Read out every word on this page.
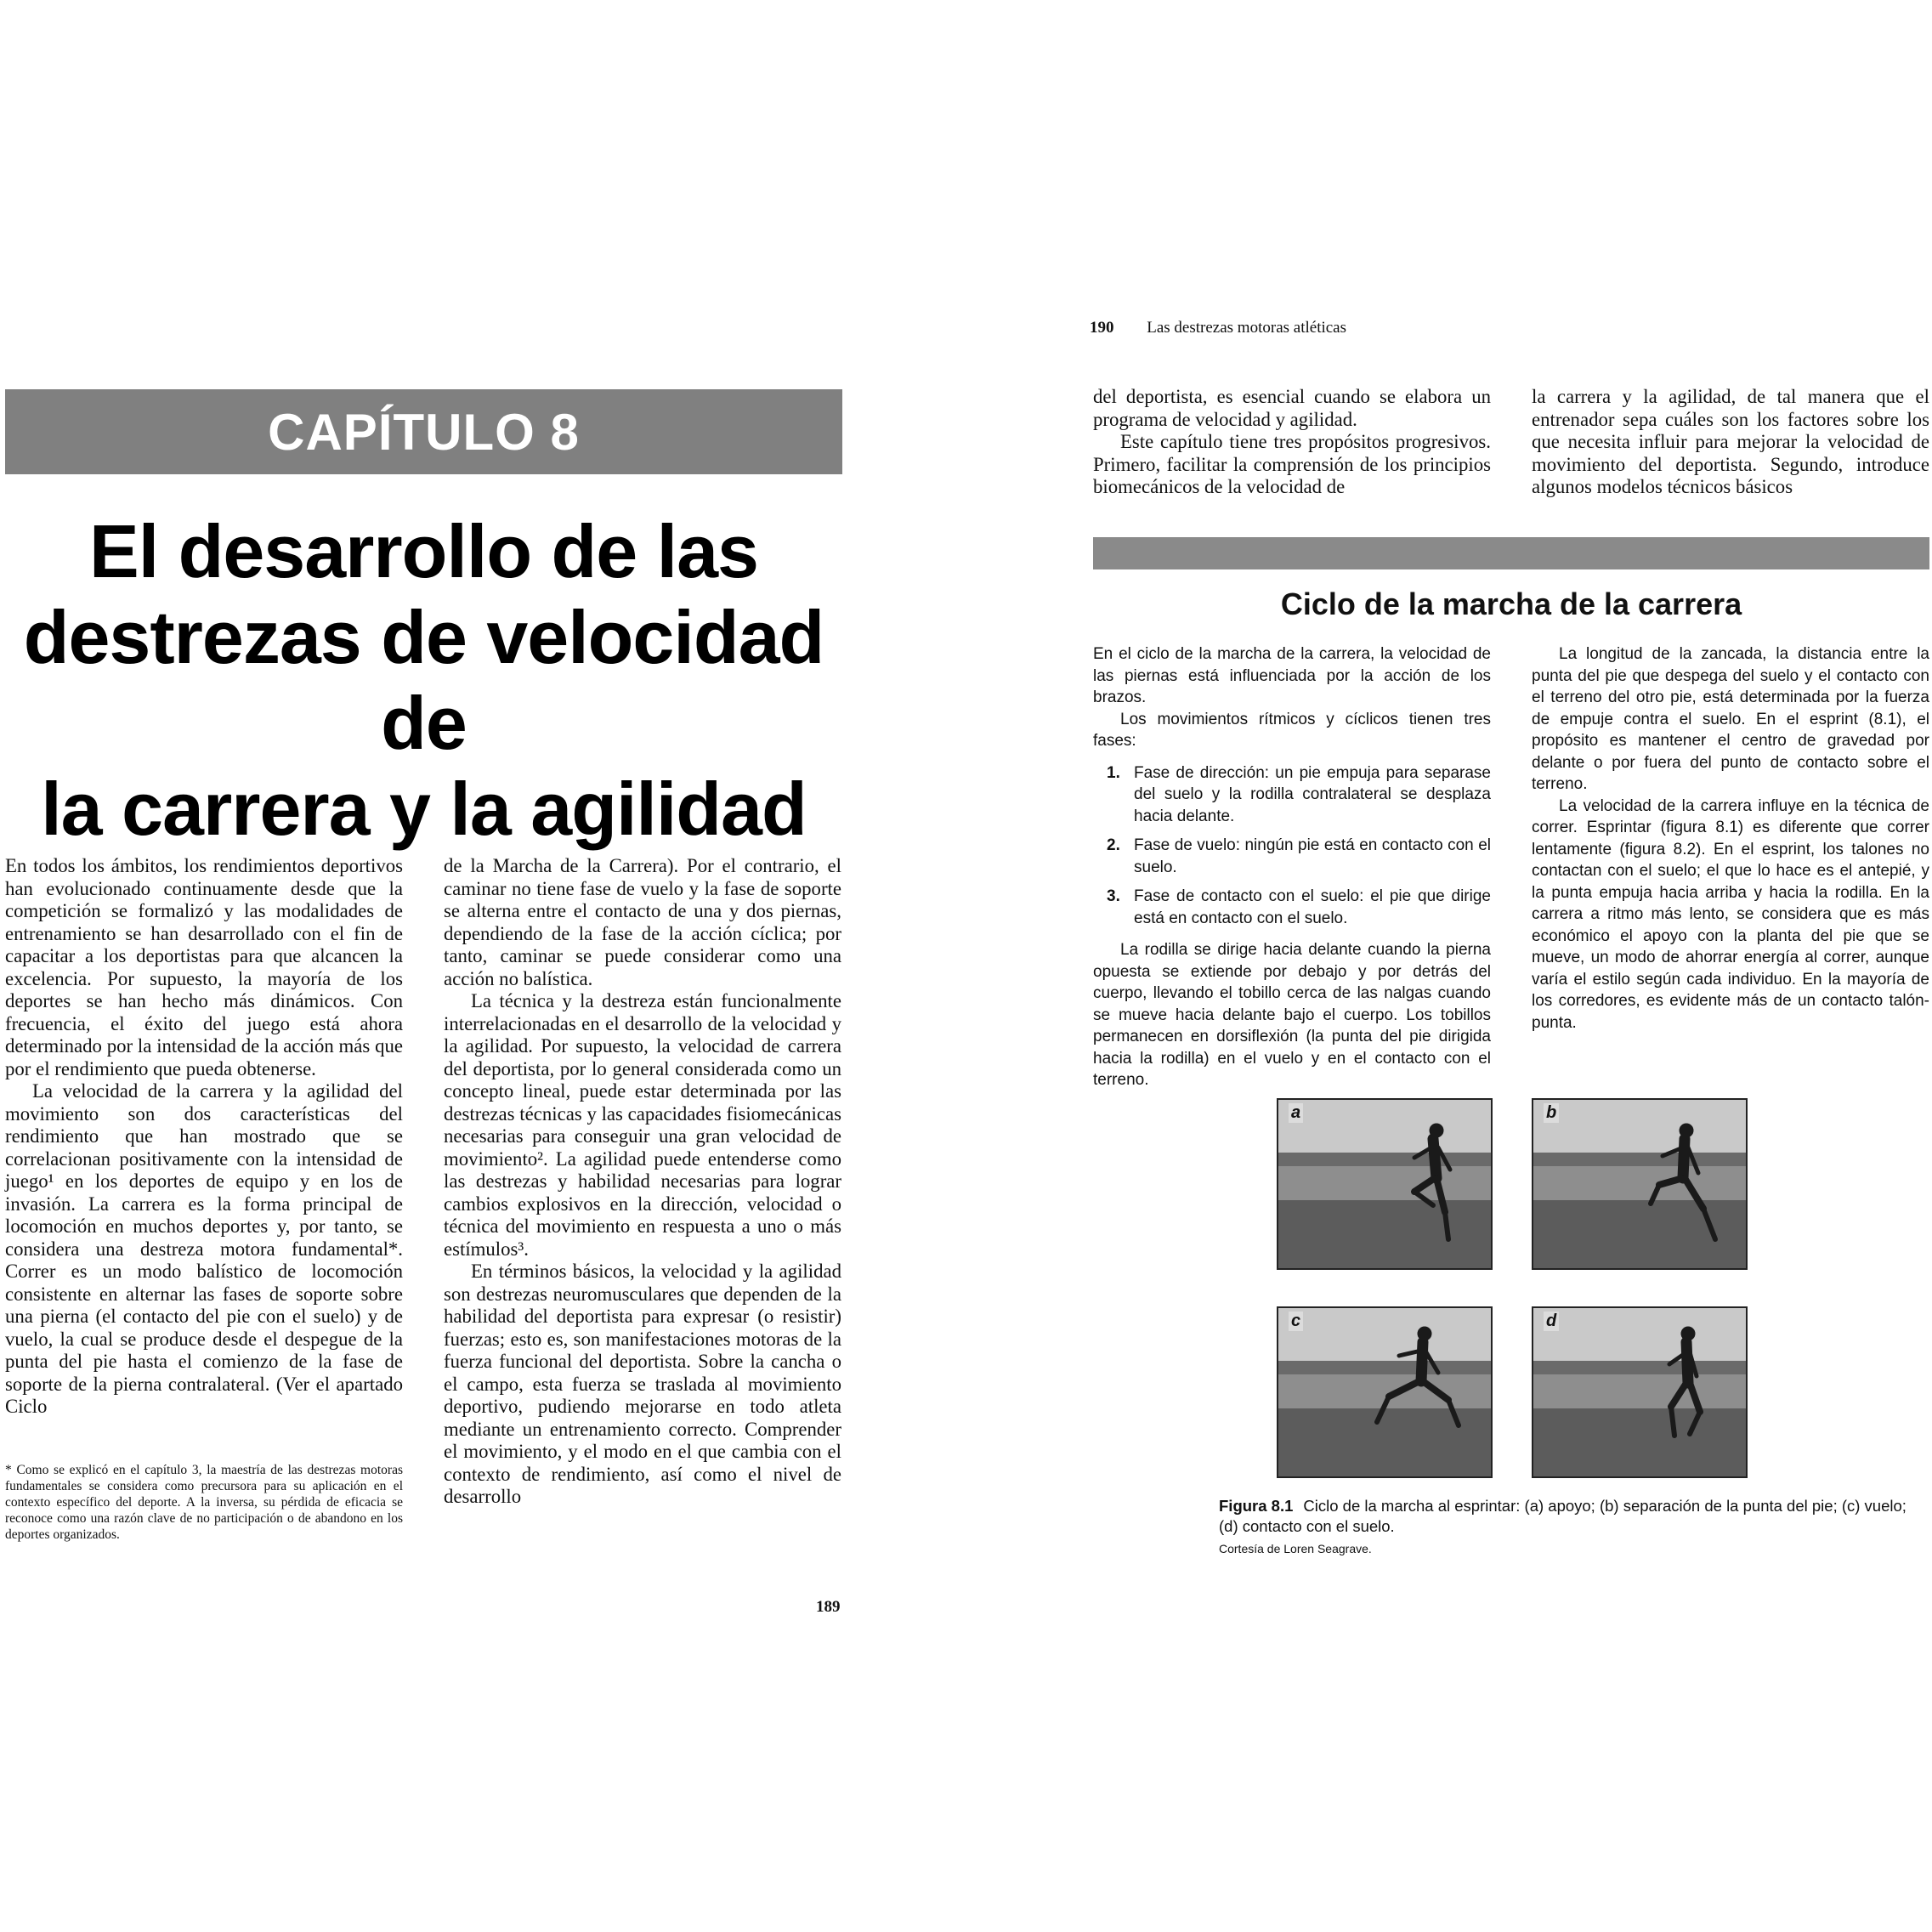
CAPÍTULO 8
El desarrollo de las
destrezas de velocidad de
la carrera y la agilidad

En todos los ámbitos, los rendimientos deportivos han evolucionado continuamente desde que la competición se formalizó y las modalidades de entrenamiento se han desarrollado con el fin de capacitar a los deportistas para que alcancen la excelencia. Por supuesto, la mayoría de los deportes se han hecho más dinámicos. Con frecuencia, el éxito del juego está ahora determinado por la intensidad de la acción más que por el rendimiento que pueda obtenerse.

La velocidad de la carrera y la agilidad del movimiento son dos características del rendimiento que han mostrado que se correlacionan positivamente con la intensidad de juego¹ en los deportes de equipo y en los de invasión. La carrera es la forma principal de locomoción en muchos deportes y, por tanto, se considera una destreza motora fundamental*. Correr es un modo balístico de locomoción consistente en alternar las fases de soporte sobre una pierna (el contacto del pie con el suelo) y de vuelo, la cual se produce desde el despegue de la punta del pie hasta el comienzo de la fase de soporte de la pierna contralateral. (Ver el apartado Ciclo

* Como se explicó en el capítulo 3, la maestría de las destrezas motoras fundamentales se considera como precursora para su aplicación en el contexto específico del deporte. A la inversa, su pérdida de eficacia se reconoce como una razón clave de no participación o de abandono en los deportes organizados.

de la Marcha de la Carrera). Por el contrario, el caminar no tiene fase de vuelo y la fase de soporte se alterna entre el contacto de una y dos piernas, dependiendo de la fase de la acción cíclica; por tanto, caminar se puede considerar como una acción no balística.

La técnica y la destreza están funcionalmente interrelacionadas en el desarrollo de la velocidad y la agilidad. Por supuesto, la velocidad de carrera del deportista, por lo general considerada como un concepto lineal, puede estar determinada por las destrezas técnicas y las capacidades fisiomecánicas necesarias para conseguir una gran velocidad de movimiento². La agilidad puede entenderse como las destrezas y habilidad necesarias para lograr cambios explosivos en la dirección, velocidad o técnica del movimiento en respuesta a uno o más estímulos³.

En términos básicos, la velocidad y la agilidad son destrezas neuromusculares que dependen de la habilidad del deportista para expresar (o resistir) fuerzas; esto es, son manifestaciones motoras de la fuerza funcional del deportista. Sobre la cancha o el campo, esta fuerza se traslada al movimiento deportivo, pudiendo mejorarse en todo atleta mediante un entrenamiento correcto. Comprender el movimiento, y el modo en el que cambia con el contexto de rendimiento, así como el nivel de desarrollo

189
190 Las destrezas motoras atléticas

del deportista, es esencial cuando se elabora un programa de velocidad y agilidad.

Este capítulo tiene tres propósitos progresivos. Primero, facilitar la comprensión de los principios biomecánicos de la velocidad de

la carrera y la agilidad, de tal manera que el entrenador sepa cuáles son los factores sobre los que necesita influir para mejorar la velocidad de movimiento del deportista. Segundo, introduce algunos modelos técnicos básicos

Ciclo de la marcha de la carrera

En el ciclo de la marcha de la carrera, la velocidad de las piernas está influenciada por la acción de los brazos.

Los movimientos rítmicos y cíclicos tienen tres fases:

1. Fase de dirección: un pie empuja para separase del suelo y la rodilla contralateral se desplaza hacia delante.
2. Fase de vuelo: ningún pie está en contacto con el suelo.
3. Fase de contacto con el suelo: el pie que dirige está en contacto con el suelo.

La rodilla se dirige hacia delante cuando la pierna opuesta se extiende por debajo y por detrás del cuerpo, llevando el tobillo cerca de las nalgas cuando se mueve hacia delante bajo el cuerpo. Los tobillos permanecen en dorsiflexión (la punta del pie dirigida hacia la rodilla) en el vuelo y en el contacto con el terreno.

La longitud de la zancada, la distancia entre la punta del pie que despega del suelo y el contacto con el terreno del otro pie, está determinada por la fuerza de empuje contra el suelo. En el esprint (8.1), el propósito es mantener el centro de gravedad por delante o por fuera del punto de contacto sobre el terreno.

La velocidad de la carrera influye en la técnica de correr. Esprintar (figura 8.1) es diferente que correr lentamente (figura 8.2). En el esprint, los talones no contactan con el suelo; el que lo hace es el antepié, y la punta empuja hacia arriba y hacia la rodilla. En la carrera a ritmo más lento, se considera que es más económico el apoyo con la planta del pie que se mueve, un modo de ahorrar energía al correr, aunque varía el estilo según cada individuo. En la mayoría de los corredores, es evidente más de un contacto talón-punta.

a	b
c	d
Figura 8.1 Ciclo de la marcha al esprintar: (a) apoyo; (b) separación de la punta del pie; (c) vuelo; (d) contacto con el suelo.
Cortesía de Loren Seagrave.
